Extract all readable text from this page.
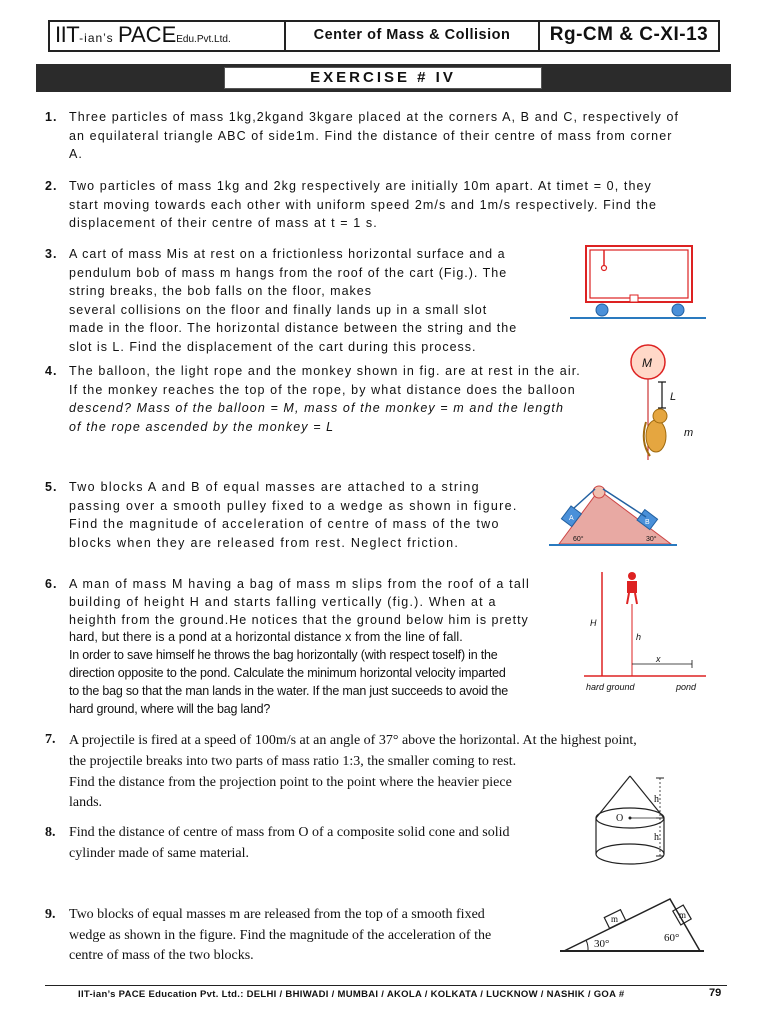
IIT-ian’s PACEEdu.Pvt.Ltd.	Center of Mass & Collision	Rg-CM & C-XI-13
EXERCISE # IV
1. Three particles of mass 1kg,2kgand 3kgare placed at the corners A, B and C, respectively of
an equilateral triangle ABC of side1m. Find the distance of their centre of mass from corner
A.
2. Two particles of mass 1kg and 2kg respectively are initially 10m apart. At timet = 0, they
start moving towards each other with uniform speed 2m/s and 1m/s respectively. Find the
displacement of their centre of mass at t = 1 s.
3. A cart of mass Mis at rest on a frictionless horizontal surface and a
pendulum bob of mass m hangs from the roof of the cart (Fig.). The
string breaks, the bob falls on the floor, makes
several collisions on the floor and finally lands up in a small slot
made in the floor. The horizontal distance between the string and the
slot is L. Find the displacement of the cart during this process.
4. The balloon, the light rope and the monkey shown in fig. are at rest in the air.
If the monkey reaches the top of the rope, by what distance does the balloon
descend? Mass of the balloon = M, mass of the monkey = m and the length
of the rope ascended by the monkey = L
M
L
m
5. Two blocks A and B of equal masses are attached to a string
passing over a smooth pulley fixed to a wedge as shown in figure.
Find the magnitude of acceleration of centre of mass of the two
blocks when they are released from rest. Neglect friction.
A
B
60°	30°
6. A man of mass M having a bag of mass m slips from the roof of a tall
building of height H and starts falling vertically (fig.). When at a
heighth from the ground.He notices that the ground below him is pretty
hard, but there is a pond at a horizontal distance x from the line of fall.
In order to save himself he throws the bag horizontally (with respect toself) in the
direction opposite to the pond. Calculate the minimum horizontal velocity imparted
to the bag so that the man lands in the water. If the man just succeeds to avoid the
hard ground, where will the bag land?
H
h
x
hard ground	pond
7. A projectile is fired at a speed of 100m/s at an angle of 37° above the horizontal. At the highest point,
the projectile breaks into two parts of mass ratio 1:3, the smaller coming to rest.
Find the distance from the projection point to the point where the heavier piece
lands.
O
h
h
8. Find the distance of centre of mass from O of a composite solid cone and solid
cylinder made of same material.
9. Two blocks of equal masses m are released from the top of a smooth fixed
wedge as shown in the figure. Find the magnitude of the acceleration of the
centre of mass of the two blocks.
m	m
30°	60°
IIT-ian’s PACE Education Pvt. Ltd.: DELHI / BHIWADI / MUMBAI / AKOLA / KOLKATA / LUCKNOW / NASHIK / GOA #	79
